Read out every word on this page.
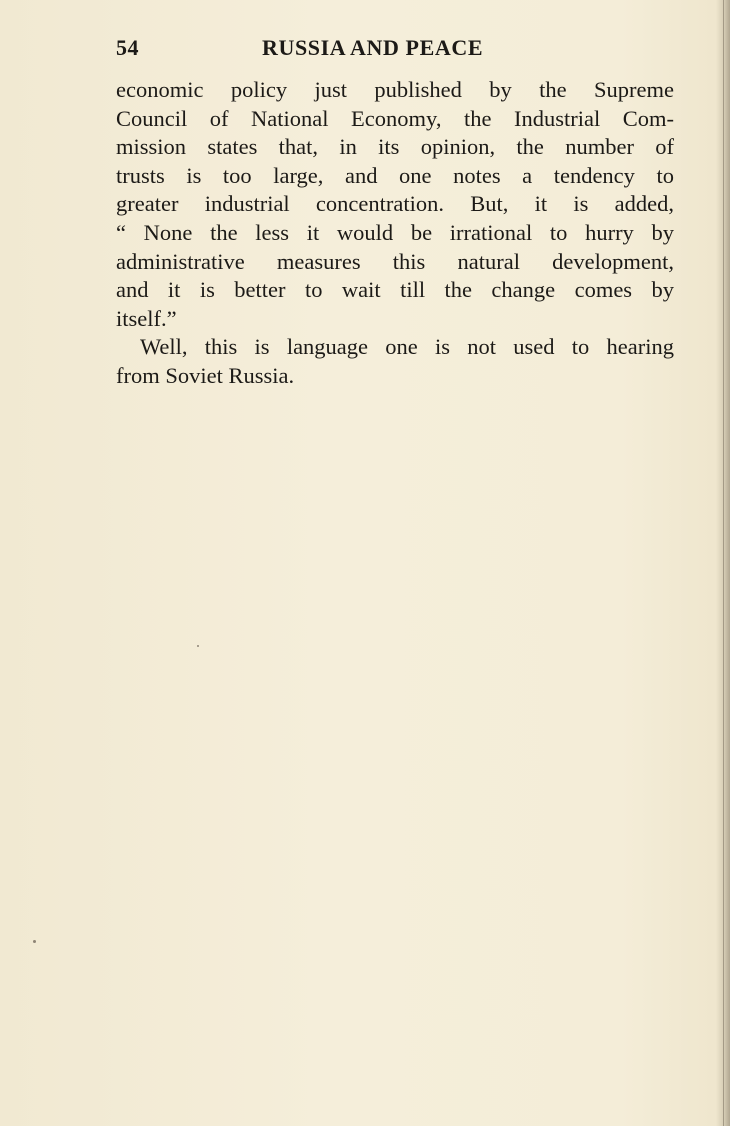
54	RUSSIA AND PEACE
economic policy just published by the Supreme
Council of National Economy, the Industrial Com-
mission states that, in its opinion, the number of
trusts is too large, and one notes a tendency to
greater industrial concentration. But, it is added,
“ None the less it would be irrational to hurry by
administrative measures this natural development,
and it is better to wait till the change comes by
itself.”
Well, this is language one is not used to hearing
from Soviet Russia.
